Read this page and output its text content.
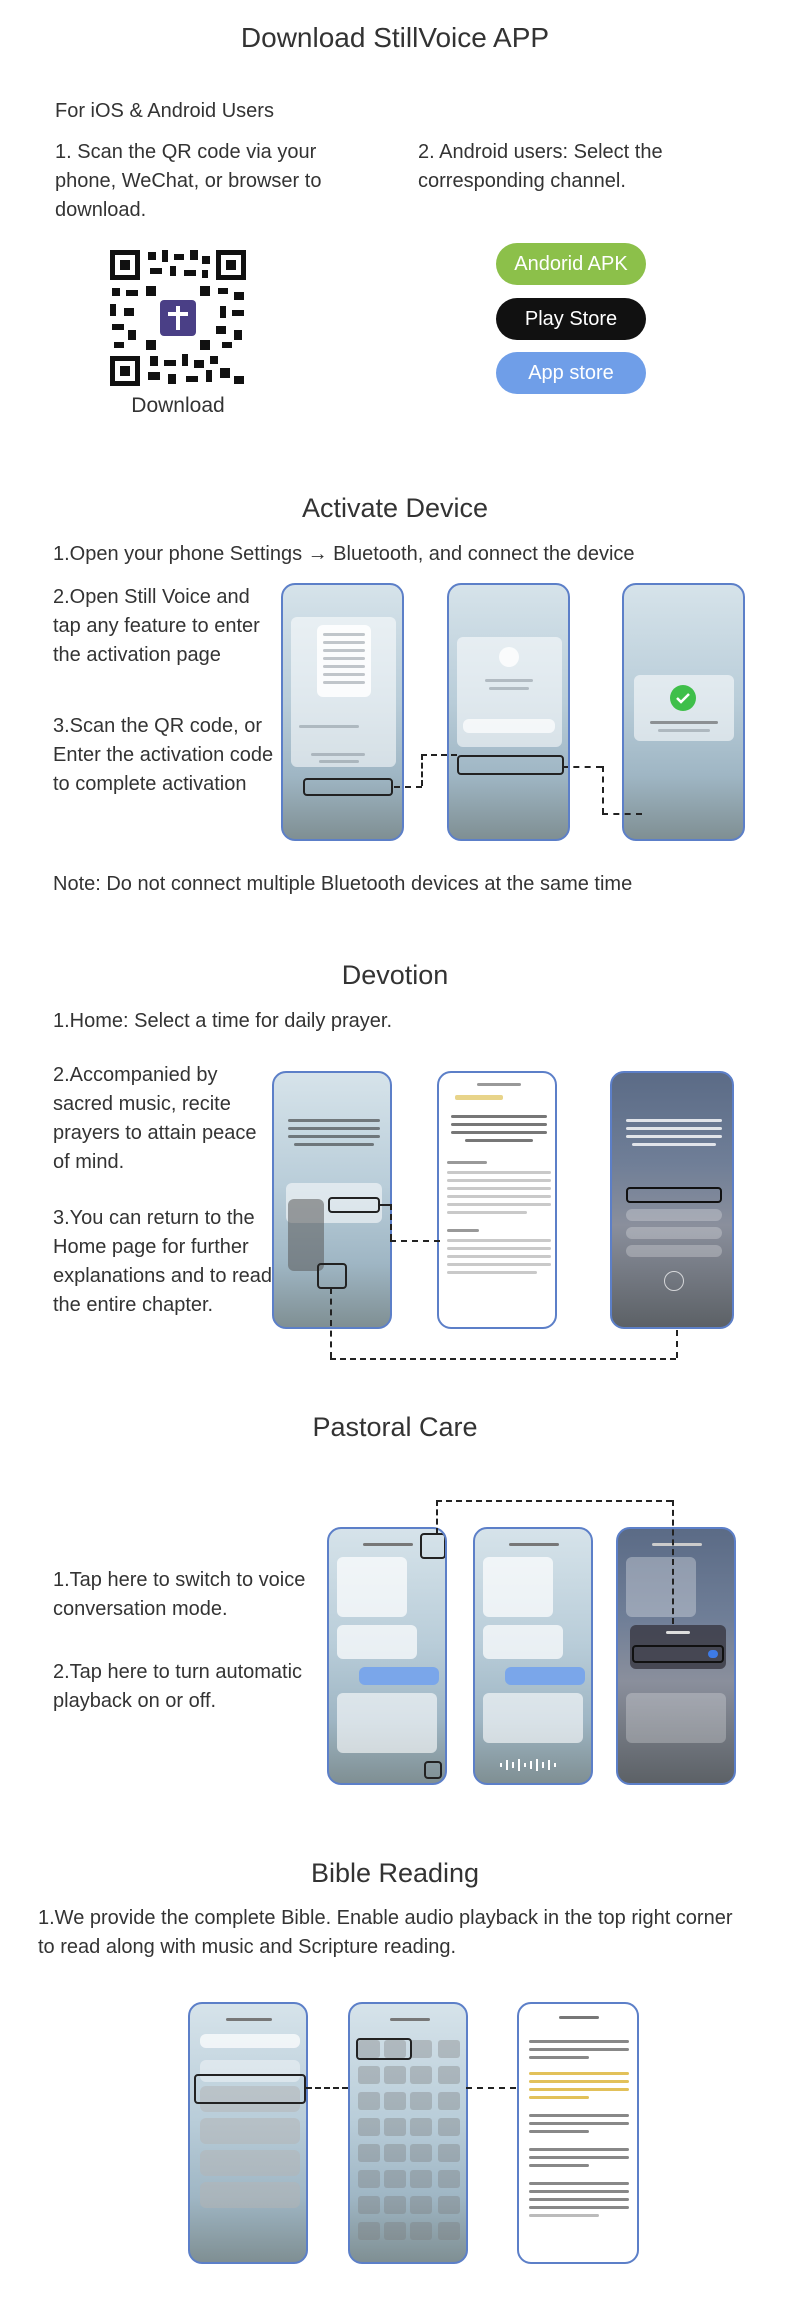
Download StillVoice APP
For iOS & Android Users
1. Scan the QR code via your phone, WeChat, or browser to download.
2. Android users: Select the corresponding channel.
Download
Andorid APK
Play Store
App store
Activate Device
1.Open your phone Settings → Bluetooth, and connect the device
2.Open Still Voice and tap any feature to enter the activation page
3.Scan the QR code, or Enter the activation code to complete activation
Note: Do not connect multiple Bluetooth devices at the same time
Devotion
1.Home: Select a time for daily prayer.
2.Accompanied by sacred music, recite prayers to attain peace of mind.
3.You can return to the Home page for further explanations and to read the entire chapter.
Pastoral Care
1.Tap here to switch to voice conversation mode.
2.Tap here to turn automatic playback on or off.
Bible Reading
1.We provide the complete Bible. Enable audio playback in the top right corner to read along with music and Scripture reading.
